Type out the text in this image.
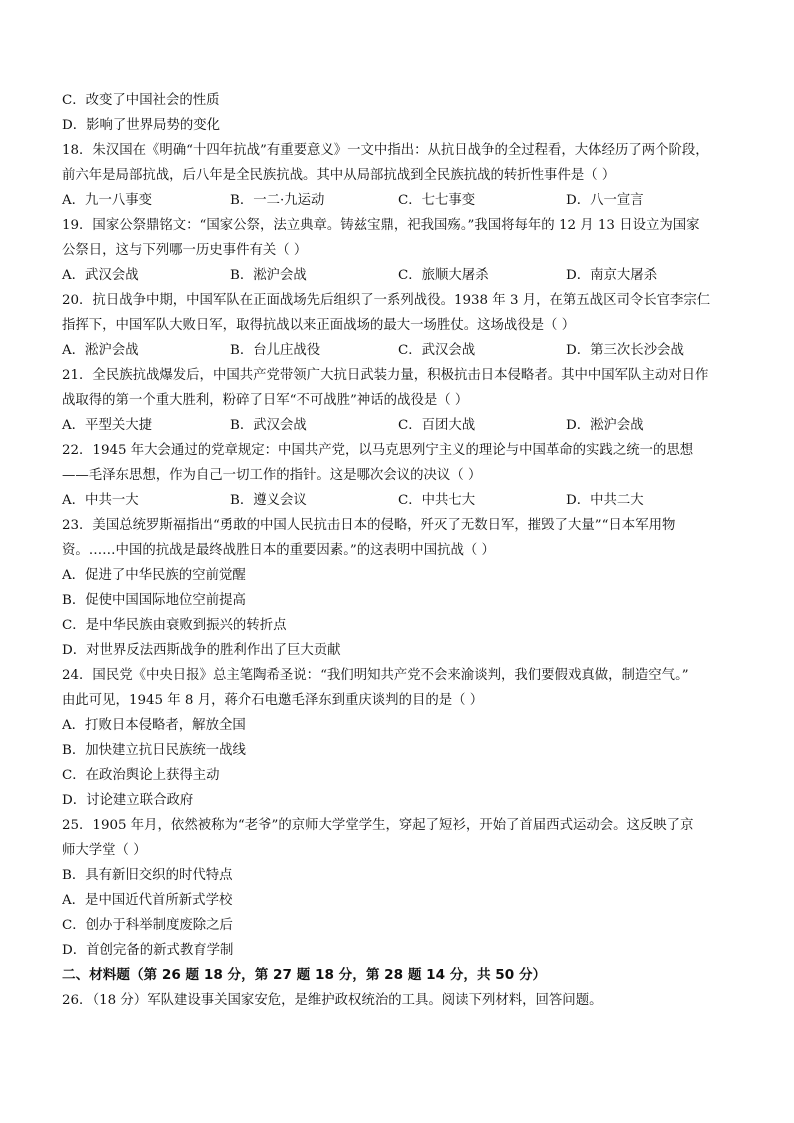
C．改变了中国社会的性质
D．影响了世界局势的变化
18．朱汉国在《明确“十四年抗战”有重要意义》一文中指出：从抗日战争的全过程看，大体经历了两个阶段，
前六年是局部抗战，后八年是全民族抗战。其中从局部抗战到全民族抗战的转折性事件是（ ）
A．九一八事变	B．一二·九运动	C．七七事变	D．八一宣言
19．国家公祭鼎铭文：“国家公祭，法立典章。铸兹宝鼎，祀我国殇。”我国将每年的 12 月 13 日设立为国家
公祭日，这与下列哪一历史事件有关（ ）
A．武汉会战	B．淞沪会战	C．旅顺大屠杀	D．南京大屠杀
20．抗日战争中期，中国军队在正面战场先后组织了一系列战役。1938 年 3 月，在第五战区司令长官李宗仁
指挥下，中国军队大败日军，取得抗战以来正面战场的最大一场胜仗。这场战役是（ ）
A．淞沪会战	B．台儿庄战役	C．武汉会战	D．第三次长沙会战
21．全民族抗战爆发后，中国共产党带领广大抗日武装力量，积极抗击日本侵略者。其中中国军队主动对日作
战取得的第一个重大胜利，粉碎了日军“不可战胜”神话的战役是（ ）
A．平型关大捷	B．武汉会战	C．百团大战	D．淞沪会战
22．1945 年大会通过的党章规定：中国共产党，以马克思列宁主义的理论与中国革命的实践之统一的思想
——毛泽东思想，作为自己一切工作的指针。这是哪次会议的决议（ ）
A．中共一大	B．遵义会议	C．中共七大	D．中共二大
23．美国总统罗斯福指出“勇敢的中国人民抗击日本的侵略，歼灭了无数日军，摧毁了大量”“日本军用物
资。……中国的抗战是最终战胜日本的重要因素。”的这表明中国抗战（ ）
A．促进了中华民族的空前觉醒
B．促使中国国际地位空前提高
C．是中华民族由衰败到振兴的转折点
D．对世界反法西斯战争的胜利作出了巨大贡献
24．国民党《中央日报》总主笔陶希圣说：“我们明知共产党不会来渝谈判，我们要假戏真做，制造空气。”
由此可见，1945 年 8 月，蒋介石电邀毛泽东到重庆谈判的目的是（ ）
A．打败日本侵略者，解放全国
B．加快建立抗日民族统一战线
C．在政治舆论上获得主动
D．讨论建立联合政府
25．1905 年月，依然被称为“老爷”的京师大学堂学生，穿起了短衫，开始了首届西式运动会。这反映了京
师大学堂（ ）
B．具有新旧交织的时代特点
A．是中国近代首所新式学校
C．创办于科举制度废除之后
D．首创完备的新式教育学制
二、材料题（第 26 题 18 分，第 27 题 18 分，第 28 题 14 分，共 50 分）
26．（18 分）军队建设事关国家安危，是维护政权统治的工具。阅读下列材料，回答问题。
